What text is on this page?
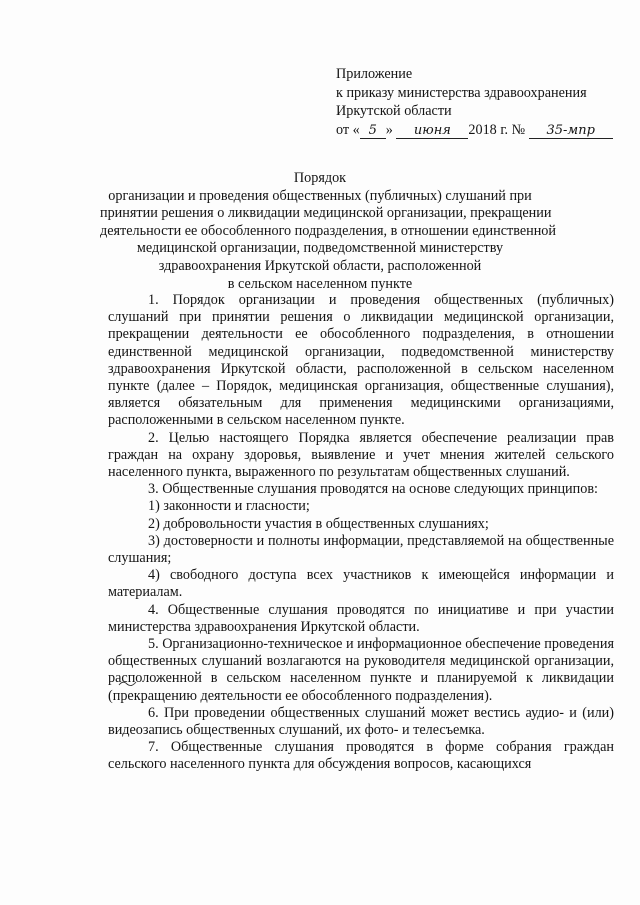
Приложение
к приказу министерства здравоохранения
Иркутской области
от « 5 » июня 2018 г. № 35-мпр
Порядок
организации и проведения общественных (публичных) слушаний при
принятии решения о ликвидации медицинской организации, прекращении
деятельности ее обособленного подразделения, в отношении единственной
медицинской организации, подведомственной министерству
здравоохранения Иркутской области, расположенной
в сельском населенном пункте

1. Порядок организации и проведения общественных (публичных) слушаний при принятии решения о ликвидации медицинской организации, прекращении деятельности ее обособленного подразделения, в отношении единственной медицинской организации, подведомственной министерству здравоохранения Иркутской области, расположенной в сельском населенном пункте (далее – Порядок, медицинская организация, общественные слушания), является обязательным для применения медицинскими организациями, расположенными в сельском населенном пункте.

2. Целью настоящего Порядка является обеспечение реализации прав граждан на охрану здоровья, выявление и учет мнения жителей сельского населенного пункта, выраженного по результатам общественных слушаний.

3. Общественные слушания проводятся на основе следующих принципов:

1) законности и гласности;

2) добровольности участия в общественных слушаниях;

3) достоверности и полноты информации, представляемой на общественные слушания;

4) свободного доступа всех участников к имеющейся информации и материалам.

4. Общественные слушания проводятся по инициативе и при участии министерства здравоохранения Иркутской области.

5. Организационно-техническое и информационное обеспечение проведения общественных слушаний возлагаются на руководителя медицинской организации, расположенной в сельском населенном пункте и планируемой к ликвидации (прекращению деятельности ее обособленного подразделения).

6. При проведении общественных слушаний может вестись аудио- и (или) видеозапись общественных слушаний, их фото- и телесъемка.

7. Общественные слушания проводятся в форме собрания граждан сельского населенного пункта для обсуждения вопросов, касающихся
